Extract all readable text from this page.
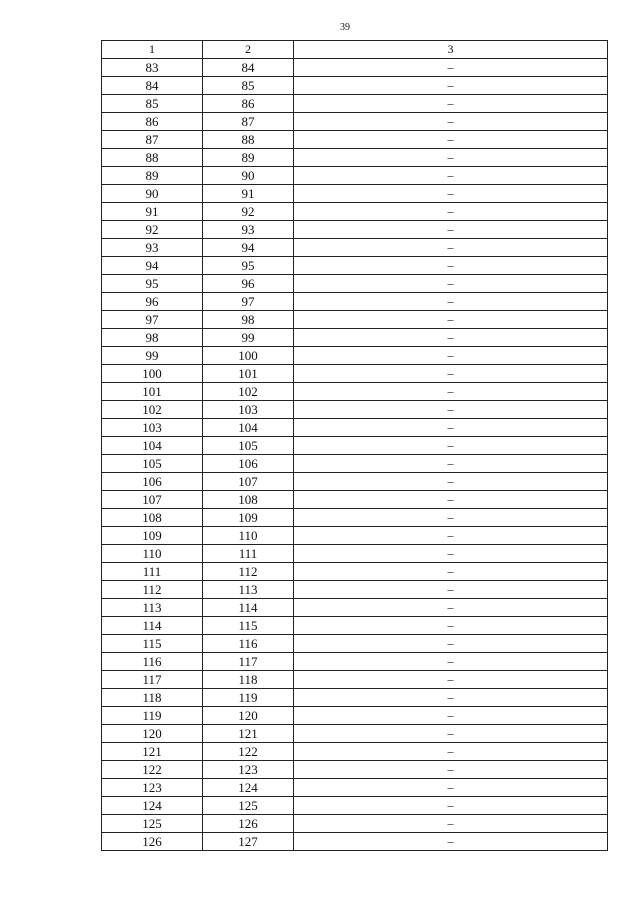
39
1	2	3
83	84	–
84	85	–
85	86	–
86	87	–
87	88	–
88	89	–
89	90	–
90	91	–
91	92	–
92	93	–
93	94	–
94	95	–
95	96	–
96	97	–
97	98	–
98	99	–
99	100	–
100	101	–
101	102	–
102	103	–
103	104	–
104	105	–
105	106	–
106	107	–
107	108	–
108	109	–
109	110	–
110	111	–
111	112	–
112	113	–
113	114	–
114	115	–
115	116	–
116	117	–
117	118	–
118	119	–
119	120	–
120	121	–
121	122	–
122	123	–
123	124	–
124	125	–
125	126	–
126	127	–
